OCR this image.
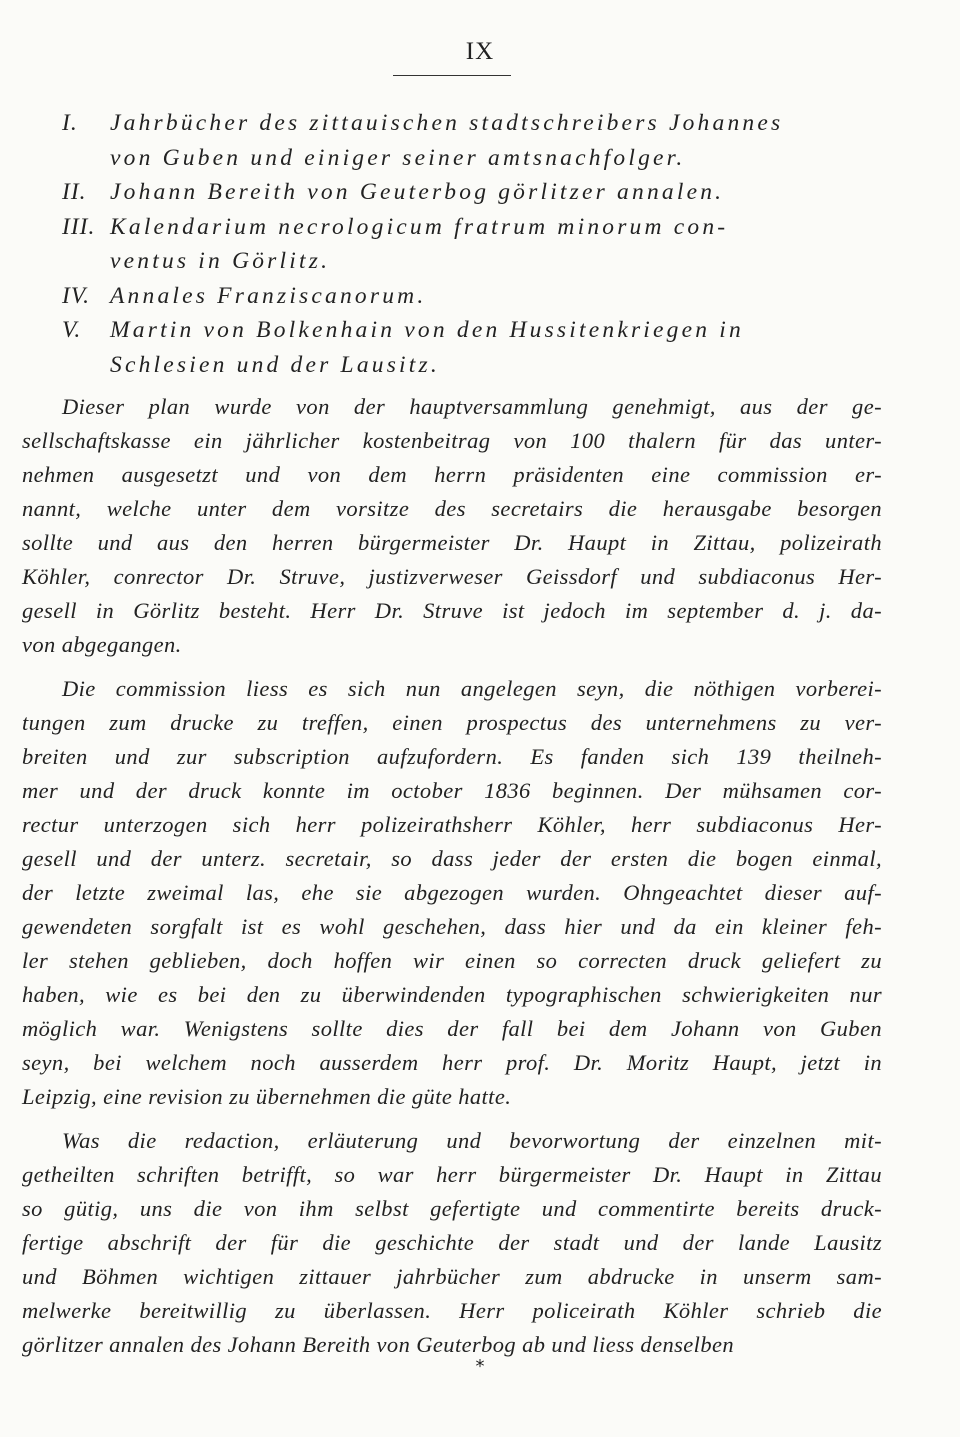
IX
I. Jahrbücher des zittauischen stadtschreibers Johannes
von Guben und einiger seiner amtsnachfolger.
II. Johann Bereith von Geuterbog görlitzer annalen.
III. Kalendarium necrologicum fratrum minorum con-
ventus in Görlitz.
IV. Annales Franziscanorum.
V. Martin von Bolkenhain von den Hussitenkriegen in
Schlesien und der Lausitz.
Dieser plan wurde von der hauptversammlung genehmigt, aus der ge-
sellschaftskasse ein jährlicher kostenbeitrag von 100 thalern für das unter-
nehmen ausgesetzt und von dem herrn präsidenten eine commission er-
nannt, welche unter dem vorsitze des secretairs die herausgabe besorgen
sollte und aus den herren bürgermeister Dr. Haupt in Zittau, polizeirath
Köhler, conrector Dr. Struve, justizverweser Geissdorf und subdiaconus Her-
gesell in Görlitz besteht. Herr Dr. Struve ist jedoch im september d. j. da-
von abgegangen.
Die commission liess es sich nun angelegen seyn, die nöthigen vorberei-
tungen zum drucke zu treffen, einen prospectus des unternehmens zu ver-
breiten und zur subscription aufzufordern. Es fanden sich 139 theilneh-
mer und der druck konnte im october 1836 beginnen. Der mühsamen cor-
rectur unterzogen sich herr polizeirathsherr Köhler, herr subdiaconus Her-
gesell und der unterz. secretair, so dass jeder der ersten die bogen einmal,
der letzte zweimal las, ehe sie abgezogen wurden. Ohngeachtet dieser auf-
gewendeten sorgfalt ist es wohl geschehen, dass hier und da ein kleiner feh-
ler stehen geblieben, doch hoffen wir einen so correcten druck geliefert zu
haben, wie es bei den zu überwindenden typographischen schwierigkeiten nur
möglich war. Wenigstens sollte dies der fall bei dem Johann von Guben
seyn, bei welchem noch ausserdem herr prof. Dr. Moritz Haupt, jetzt in
Leipzig, eine revision zu übernehmen die güte hatte.
Was die redaction, erläuterung und bevorwortung der einzelnen mit-
getheilten schriften betrifft, so war herr bürgermeister Dr. Haupt in Zittau
so gütig, uns die von ihm selbst gefertigte und commentirte bereits druck-
fertige abschrift der für die geschichte der stadt und der lande Lausitz
und Böhmen wichtigen zittauer jahrbücher zum abdrucke in unserm sam-
melwerke bereitwillig zu überlassen. Herr policeirath Köhler schrieb die
görlitzer annalen des Johann Bereith von Geuterbog ab und liess denselben
*
